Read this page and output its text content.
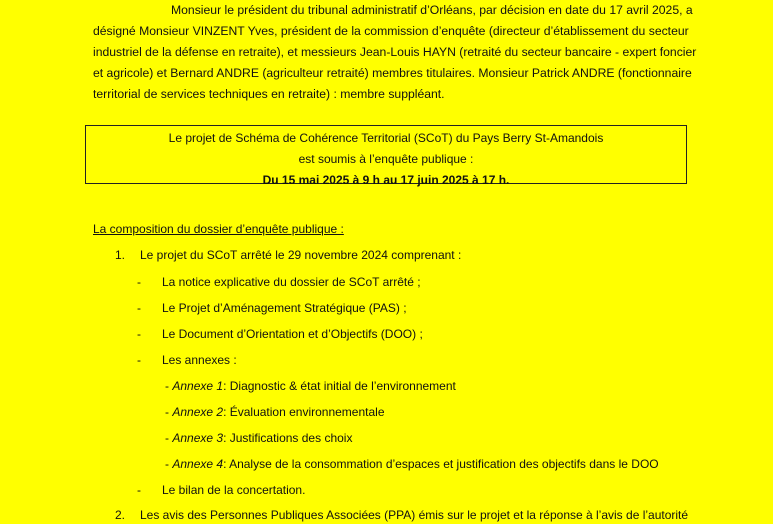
Monsieur le président du tribunal administratif d’Orléans, par décision en date du 17 avril 2025, a
désigné Monsieur VINZENT Yves, président de la commission d’enquête (directeur d’établissement du secteur
industriel de la défense en retraite), et messieurs Jean-Louis HAYN (retraité du secteur bancaire - expert foncier
et agricole) et Bernard ANDRE (agriculteur retraité) membres titulaires. Monsieur Patrick ANDRE (fonctionnaire
territorial de services techniques en retraite) : membre suppléant.
Le projet de Schéma de Cohérence Territorial (SCoT) du Pays Berry St-Amandois
est soumis à l’enquête publique :
Du 15 mai 2025 à 9 h au 17 juin 2025 à 17 h.
La composition du dossier d’enquête publique :
1. Le projet du SCoT arrêté le 29 novembre 2024 comprenant :
- La notice explicative du dossier de SCoT arrêté ;
- Le Projet d’Aménagement Stratégique (PAS) ;
- Le Document d’Orientation et d’Objectifs (DOO) ;
- Les annexes :
- Annexe 1: Diagnostic & état initial de l’environnement
- Annexe 2: Évaluation environnementale
- Annexe 3: Justifications des choix
- Annexe 4: Analyse de la consommation d’espaces et justification des objectifs dans le DOO
- Le bilan de la concertation.
2. Les avis des Personnes Publiques Associées (PPA) émis sur le projet et la réponse à l’avis de l’autorité
